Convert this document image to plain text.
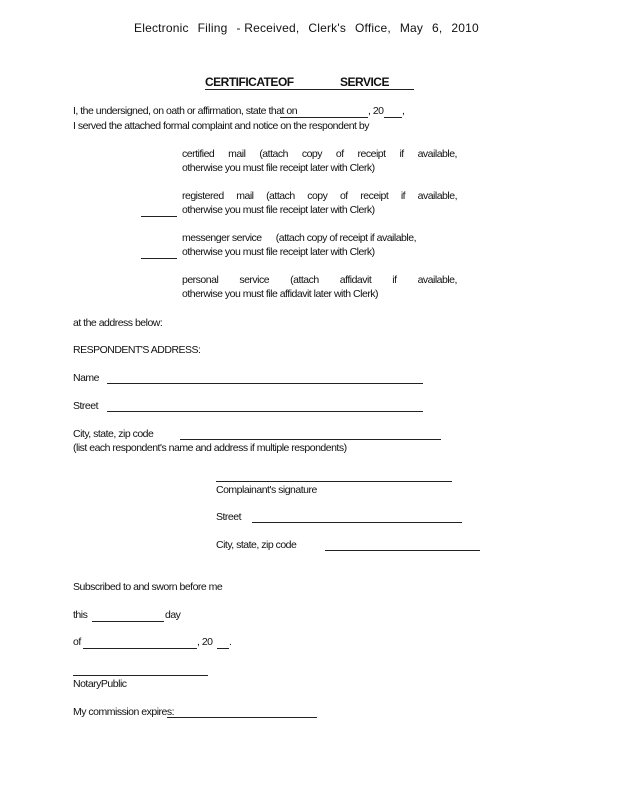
Electronic Filing - Received, Clerk's Office, May 6, 2010
CERTIFICATEOF	SERVICE
I, the undersigned, on oath or affirmation, state that on	, 20 ,
I served the attached formal complaint and notice on the respondent by
certified mail (attach copy of receipt if available,
otherwise you must file receipt later with Clerk)
registered mail (attach copy of receipt if available,
otherwise you must file receipt later with Clerk)
messenger service (attach copy of receipt if available,
otherwise you must file receipt later with Clerk)
personal service (attach affidavit if available,
otherwise you must file affidavit later with Clerk)
at the address below:
RESPONDENT'S ADDRESS:
Name
Street
City, state, zip code
(list each respondent's name and address if multiple respondents)
Complainant's signature
Street
City, state, zip code
Subscribed to and sworn before me
this	day
of	, 20 .
NotaryPublic
My commission expires:
